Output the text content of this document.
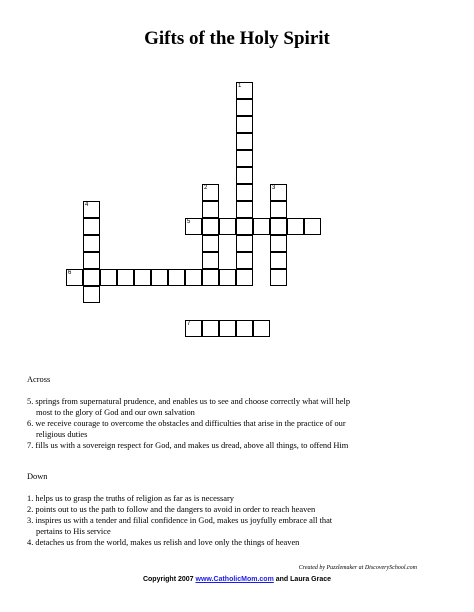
Gifts of the Holy Spirit
1
2	3
4
5
6
7
Across
5. springs from supernatural prudence, and enables us to see and choose correctly what will help
most to the glory of God and our own salvation
6. we receive courage to overcome the obstacles and difficulties that arise in the practice of our
religious duties
7. fills us with a sovereign respect for God, and makes us dread, above all things, to offend Him
Down
1. helps us to grasp the truths of religion as far as is necessary
2. points out to us the path to follow and the dangers to avoid in order to reach heaven
3. inspires us with a tender and filial confidence in God, makes us joyfully embrace all that
pertains to His service
4. detaches us from the world, makes us relish and love only the things of heaven
Created by Puzzlemaker at DiscoverySchool.com
Copyright 2007 www.CatholicMom.com and Laura Grace
